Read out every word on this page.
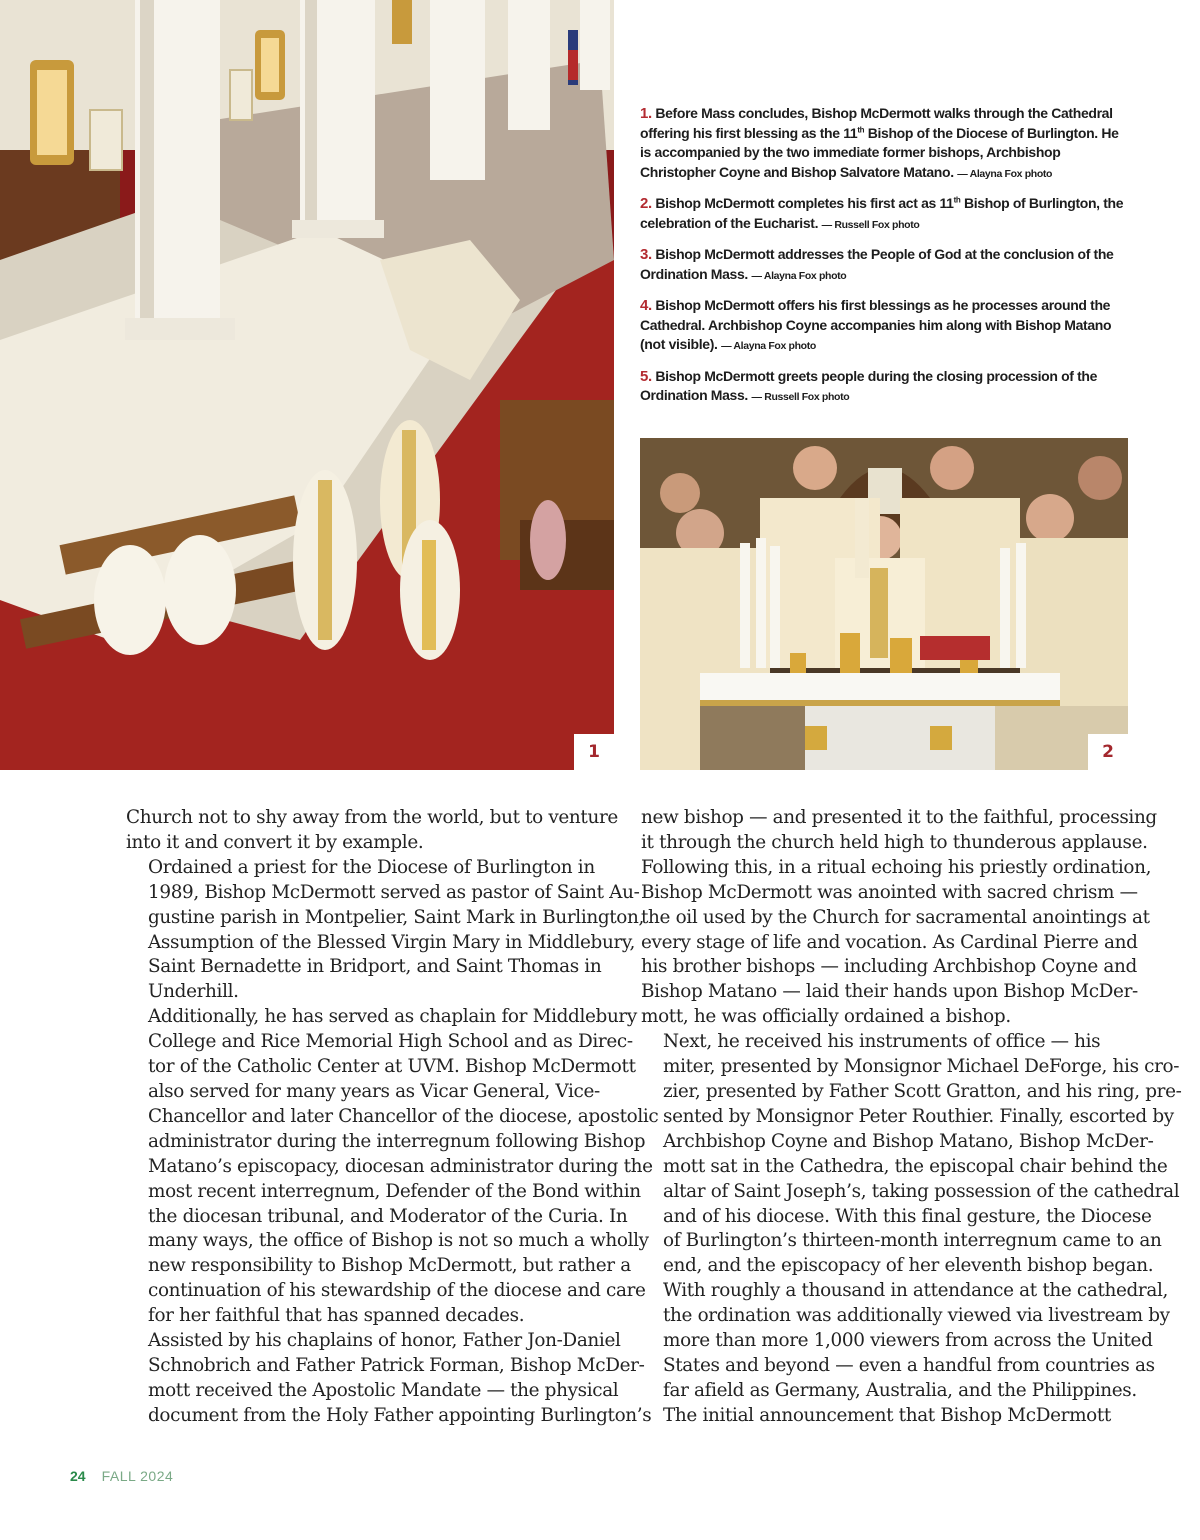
1

1. Before Mass concludes, Bishop McDermott walks through the Cathedral offering his first blessing as the 11th Bishop of the Diocese of Burlington. He is accompanied by the two immediate former bishops, Archbishop Christopher Coyne and Bishop Salvatore Matano. — Alayna Fox photo

2. Bishop McDermott completes his first act as 11th Bishop of Burlington, the celebration of the Eucharist. — Russell Fox photo

3. Bishop McDermott addresses the People of God at the conclusion of the Ordination Mass. — Alayna Fox photo

4. Bishop McDermott offers his first blessings as he processes around the Cathedral. Archbishop Coyne accompanies him along with Bishop Matano (not visible). — Alayna Fox photo

5. Bishop McDermott greets people during the closing procession of the Ordination Mass. — Russell Fox photo

2

Church not to shy away from the world, but to venture
into it and convert it by example.

Ordained a priest for the Diocese of Burlington in
1989, Bishop McDermott served as pastor of Saint Au-
gustine parish in Montpelier, Saint Mark in Burlington,
Assumption of the Blessed Virgin Mary in Middlebury,
Saint Bernadette in Bridport, and Saint Thomas in
Underhill.

Additionally, he has served as chaplain for Middlebury
College and Rice Memorial High School and as Direc-
tor of the Catholic Center at UVM. Bishop McDermott
also served for many years as Vicar General, Vice-
Chancellor and later Chancellor of the diocese, apostolic
administrator during the interregnum following Bishop
Matano’s episcopacy, diocesan administrator during the
most recent interregnum, Defender of the Bond within
the diocesan tribunal, and Moderator of the Curia. In
many ways, the office of Bishop is not so much a wholly
new responsibility to Bishop McDermott, but rather a
continuation of his stewardship of the diocese and care
for her faithful that has spanned decades.

Assisted by his chaplains of honor, Father Jon-Daniel
Schnobrich and Father Patrick Forman, Bishop McDer-
mott received the Apostolic Mandate — the physical
document from the Holy Father appointing Burlington’s

new bishop — and presented it to the faithful, processing
it through the church held high to thunderous applause.
Following this, in a ritual echoing his priestly ordination,
Bishop McDermott was anointed with sacred chrism —
the oil used by the Church for sacramental anointings at
every stage of life and vocation. As Cardinal Pierre and
his brother bishops — including Archbishop Coyne and
Bishop Matano — laid their hands upon Bishop McDer-
mott, he was officially ordained a bishop.

Next, he received his instruments of office — his
miter, presented by Monsignor Michael DeForge, his cro-
zier, presented by Father Scott Gratton, and his ring, pre-
sented by Monsignor Peter Routhier. Finally, escorted by
Archbishop Coyne and Bishop Matano, Bishop McDer-
mott sat in the Cathedra, the episcopal chair behind the
altar of Saint Joseph’s, taking possession of the cathedral
and of his diocese. With this final gesture, the Diocese
of Burlington’s thirteen-month interregnum came to an
end, and the episcopacy of her eleventh bishop began.
With roughly a thousand in attendance at the cathedral,
the ordination was additionally viewed via livestream by
more than more 1,000 viewers from across the United
States and beyond — even a handful from countries as
far afield as Germany, Australia, and the Philippines.

The initial announcement that Bishop McDermott

24 FALL 2024
